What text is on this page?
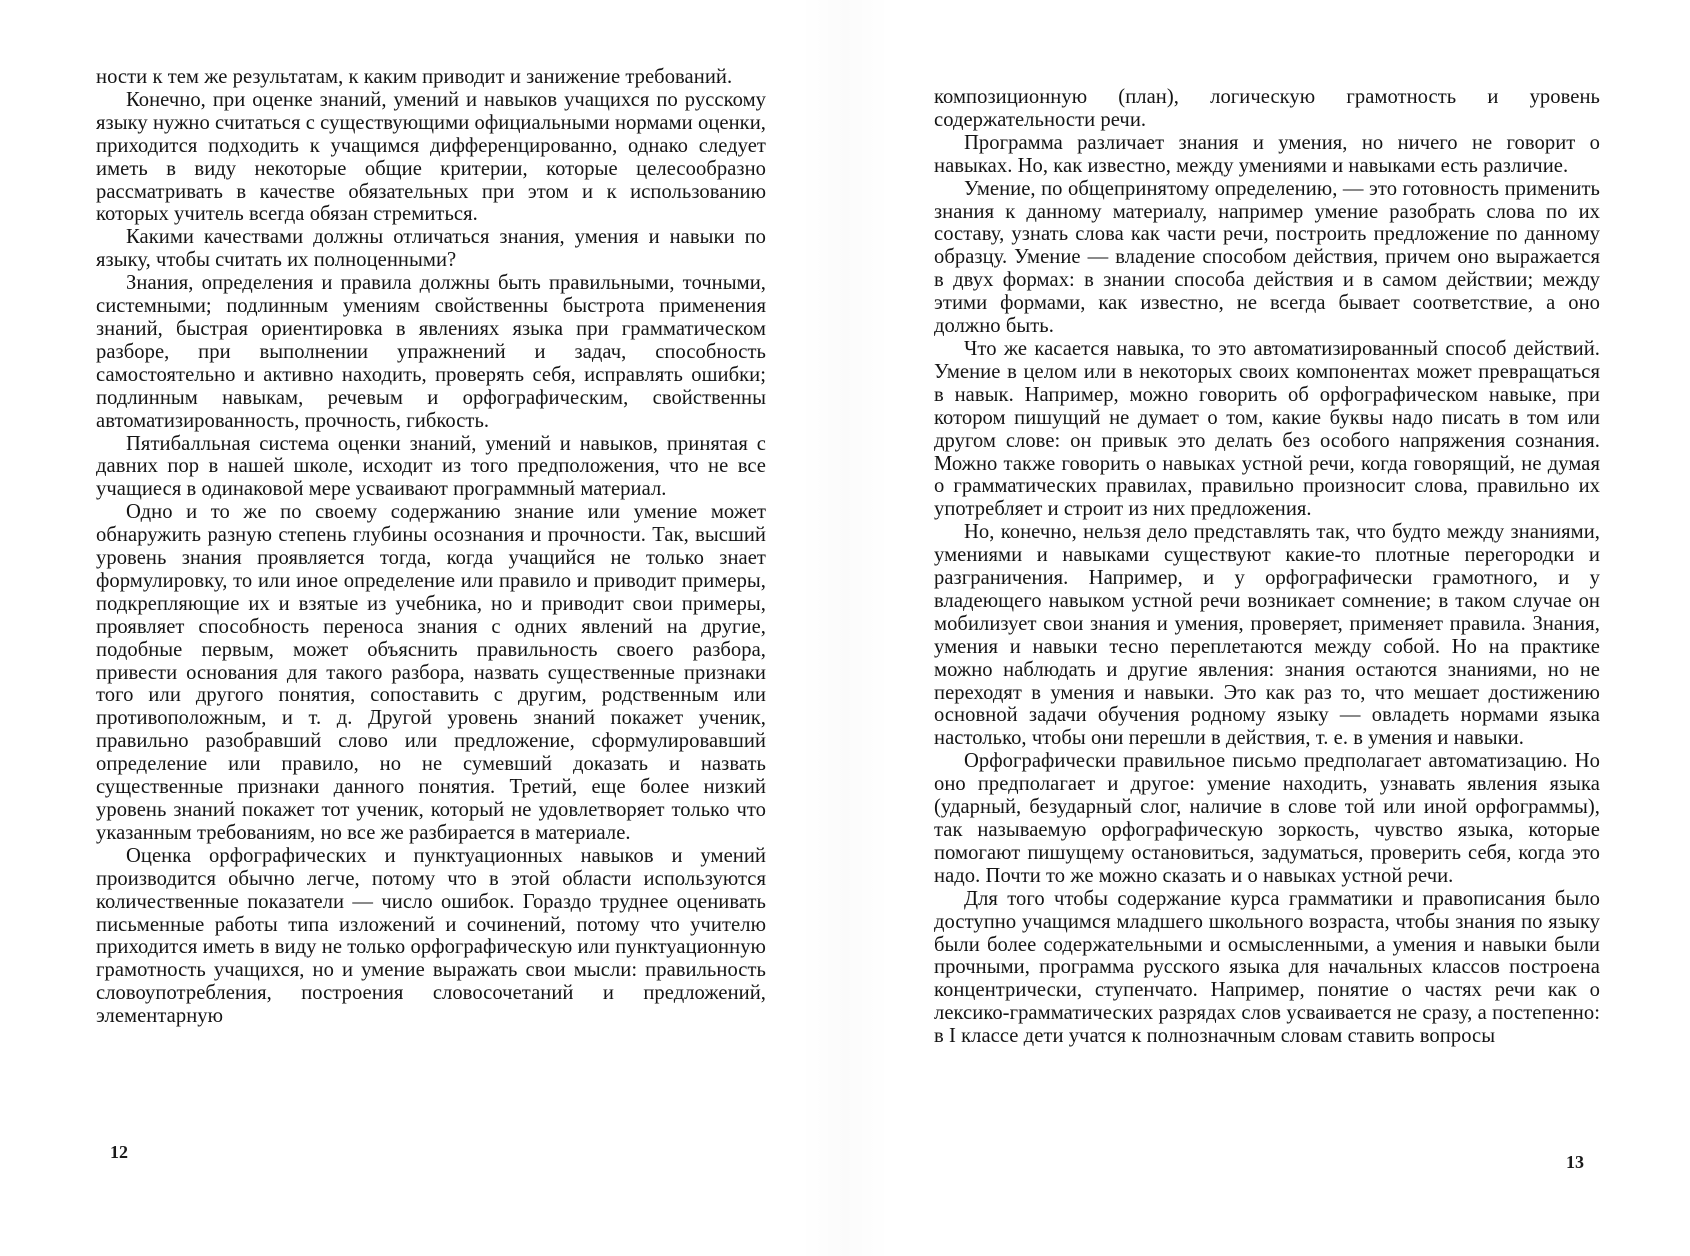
ности к тем же результатам, к каким приводит и занижение требований.

Конечно, при оценке знаний, умений и навыков учащихся по русскому языку нужно считаться с существующими официальными нормами оценки, приходится подходить к учащимся дифференцированно, однако следует иметь в виду некоторые общие критерии, которые целесообразно рассматривать в качестве обязательных при этом и к использованию которых учитель всегда обязан стремиться.

Какими качествами должны отличаться знания, умения и навыки по языку, чтобы считать их полноценными?

Знания, определения и правила должны быть правильными, точными, системными; подлинным умениям свойственны быстрота применения знаний, быстрая ориентировка в явлениях языка при грамматическом разборе, при выполнении упражнений и задач, способность самостоятельно и активно находить, проверять себя, исправлять ошибки; подлинным навыкам, речевым и орфографическим, свойственны автоматизированность, прочность, гибкость.

Пятибалльная система оценки знаний, умений и навыков, принятая с давних пор в нашей школе, исходит из того предположения, что не все учащиеся в одинаковой мере усваивают программный материал.

Одно и то же по своему содержанию знание или умение может обнаружить разную степень глубины осознания и прочности. Так, высший уровень знания проявляется тогда, когда учащийся не только знает формулировку, то или иное определение или правило и приводит примеры, подкрепляющие их и взятые из учебника, но и приводит свои примеры, проявляет способность переноса знания с одних явлений на другие, подобные первым, может объяснить правильность своего разбора, привести основания для такого разбора, назвать существенные признаки того или другого понятия, сопоставить с другим, родственным или противоположным, и т. д. Другой уровень знаний покажет ученик, правильно разобравший слово или предложение, сформулировавший определение или правило, но не сумевший доказать и назвать существенные признаки данного понятия. Третий, еще более низкий уровень знаний покажет тот ученик, который не удовлетворяет только что указанным требованиям, но все же разбирается в материале.

Оценка орфографических и пунктуационных навыков и умений производится обычно легче, потому что в этой области используются количественные показатели — число ошибок. Гораздо труднее оценивать письменные работы типа изложений и сочинений, потому что учителю приходится иметь в виду не только орфографическую или пунктуационную грамотность учащихся, но и умение выражать свои мысли: правильность словоупотребления, построения словосочетаний и предложений, элементарную

12

композиционную (план), логическую грамотность и уровень содержательности речи.

Программа различает знания и умения, но ничего не говорит о навыках. Но, как известно, между умениями и навыками есть различие.

Умение, по общепринятому определению, — это готовность применить знания к данному материалу, например умение разобрать слова по их составу, узнать слова как части речи, построить предложение по данному образцу. Умение — владение способом действия, причем оно выражается в двух формах: в знании способа действия и в самом действии; между этими формами, как известно, не всегда бывает соответствие, а оно должно быть.

Что же касается навыка, то это автоматизированный способ действий. Умение в целом или в некоторых своих компонентах может превращаться в навык. Например, можно говорить об орфографическом навыке, при котором пишущий не думает о том, какие буквы надо писать в том или другом слове: он привык это делать без особого напряжения сознания. Можно также говорить о навыках устной речи, когда говорящий, не думая о грамматических правилах, правильно произносит слова, правильно их употребляет и строит из них предложения.

Но, конечно, нельзя дело представлять так, что будто между знаниями, умениями и навыками существуют какие-то плотные перегородки и разграничения. Например, и у орфографически грамотного, и у владеющего навыком устной речи возникает сомнение; в таком случае он мобилизует свои знания и умения, проверяет, применяет правила. Знания, умения и навыки тесно переплетаются между собой. Но на практике можно наблюдать и другие явления: знания остаются знаниями, но не переходят в умения и навыки. Это как раз то, что мешает достижению основной задачи обучения родному языку — овладеть нормами языка настолько, чтобы они перешли в действия, т. е. в умения и навыки.

Орфографически правильное письмо предполагает автоматизацию. Но оно предполагает и другое: умение находить, узнавать явления языка (ударный, безударный слог, наличие в слове той или иной орфограммы), так называемую орфографическую зоркость, чувство языка, которые помогают пишущему остановиться, задуматься, проверить себя, когда это надо. Почти то же можно сказать и о навыках устной речи.

Для того чтобы содержание курса грамматики и правописания было доступно учащимся младшего школьного возраста, чтобы знания по языку были более содержательными и осмысленными, а умения и навыки были прочными, программа русского языка для начальных классов построена концентрически, ступенчато. Например, понятие о частях речи как о лексико-грамматических разрядах слов усваивается не сразу, а постепенно: в I классе дети учатся к полнозначным словам ставить вопросы

13
